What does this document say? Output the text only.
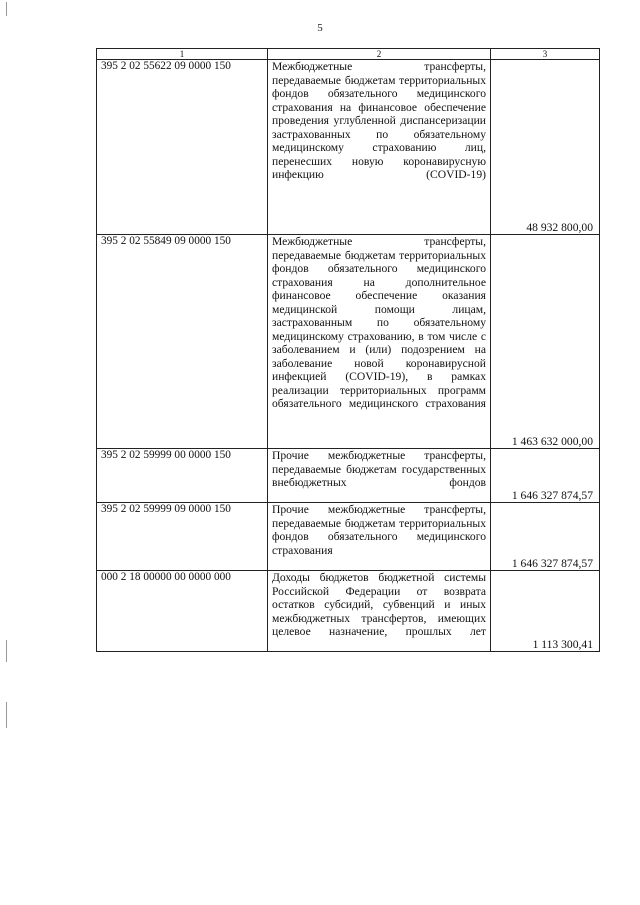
5
1	2	3
395 2 02 55622 09 0000 150	Межбюджетные трансферты, передаваемые бюджетам территориальных фондов обязательного медицинского страхования на финансовое обеспечение проведения углубленной диспансеризации застрахованных по обязательному медицинскому страхованию лиц, перенесших новую коронавирусную инфекцию (COVID-19)	48 932 800,00
395 2 02 55849 09 0000 150	Межбюджетные трансферты, передаваемые бюджетам территориальных фондов обязательного медицинского страхования на дополнительное финансовое обеспечение оказания медицинской помощи лицам, застрахованным по обязательному медицинскому страхованию, в том числе с заболеванием и (или) подозрением на заболевание новой коронавирусной инфекцией (COVID-19), в рамках реализации территориальных программ обязательного медицинского страхования	1 463 632 000,00
395 2 02 59999 00 0000 150	Прочие межбюджетные трансферты, передаваемые бюджетам государственных внебюджетных фондов	1 646 327 874,57
395 2 02 59999 09 0000 150	Прочие межбюджетные трансферты, передаваемые бюджетам территориальных фондов обязательного медицинского страхования	1 646 327 874,57
000 2 18 00000 00 0000 000	Доходы бюджетов бюджетной системы Российской Федерации от возврата остатков субсидий, субвенций и иных межбюджетных трансфертов, имеющих целевое назначение, прошлых лет	1 113 300,41
